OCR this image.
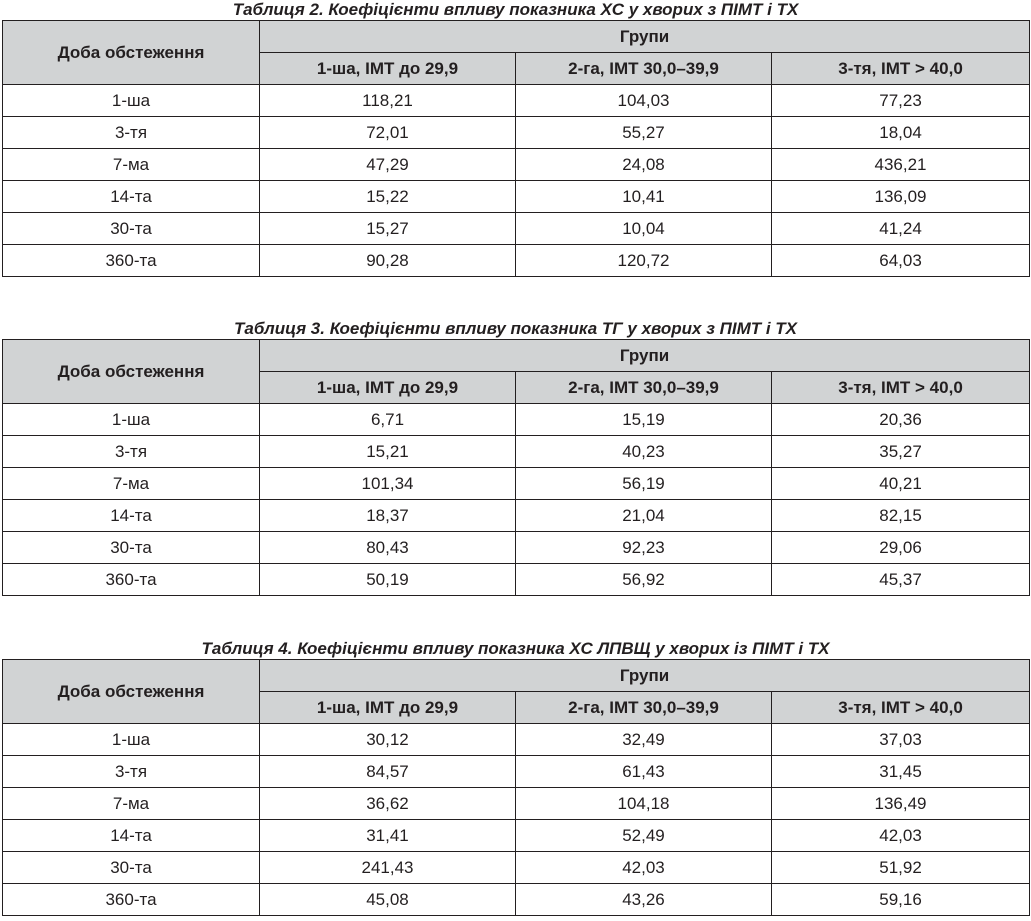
Таблиця 2. Коефіцієнти впливу показника ХС у хворих з ПІМТ і ТХ
Доба обстеження	Групи		
	1-ша, ІМТ до 29,9	2-га, ІМТ 30,0–39,9	3-тя, ІМТ > 40,0
1-ша	118,21	104,03	77,23
3-тя	72,01	55,27	18,04
7-ма	47,29	24,08	436,21
14-та	15,22	10,41	136,09
30-та	15,27	10,04	41,24
360-та	90,28	120,72	64,03
Таблиця 3. Коефіцієнти впливу показника ТГ у хворих з ПІМТ і ТХ
Доба обстеження	Групи		
	1-ша, ІМТ до 29,9	2-га, ІМТ 30,0–39,9	3-тя, ІМТ > 40,0
1-ша	6,71	15,19	20,36
3-тя	15,21	40,23	35,27
7-ма	101,34	56,19	40,21
14-та	18,37	21,04	82,15
30-та	80,43	92,23	29,06
360-та	50,19	56,92	45,37
Таблиця 4. Коефіцієнти впливу показника ХС ЛПВЩ у хворих із ПІМТ і ТХ
Доба обстеження	Групи		
	1-ша, ІМТ до 29,9	2-га, ІМТ 30,0–39,9	3-тя, ІМТ > 40,0
1-ша	30,12	32,49	37,03
3-тя	84,57	61,43	31,45
7-ма	36,62	104,18	136,49
14-та	31,41	52,49	42,03
30-та	241,43	42,03	51,92
360-та	45,08	43,26	59,16
